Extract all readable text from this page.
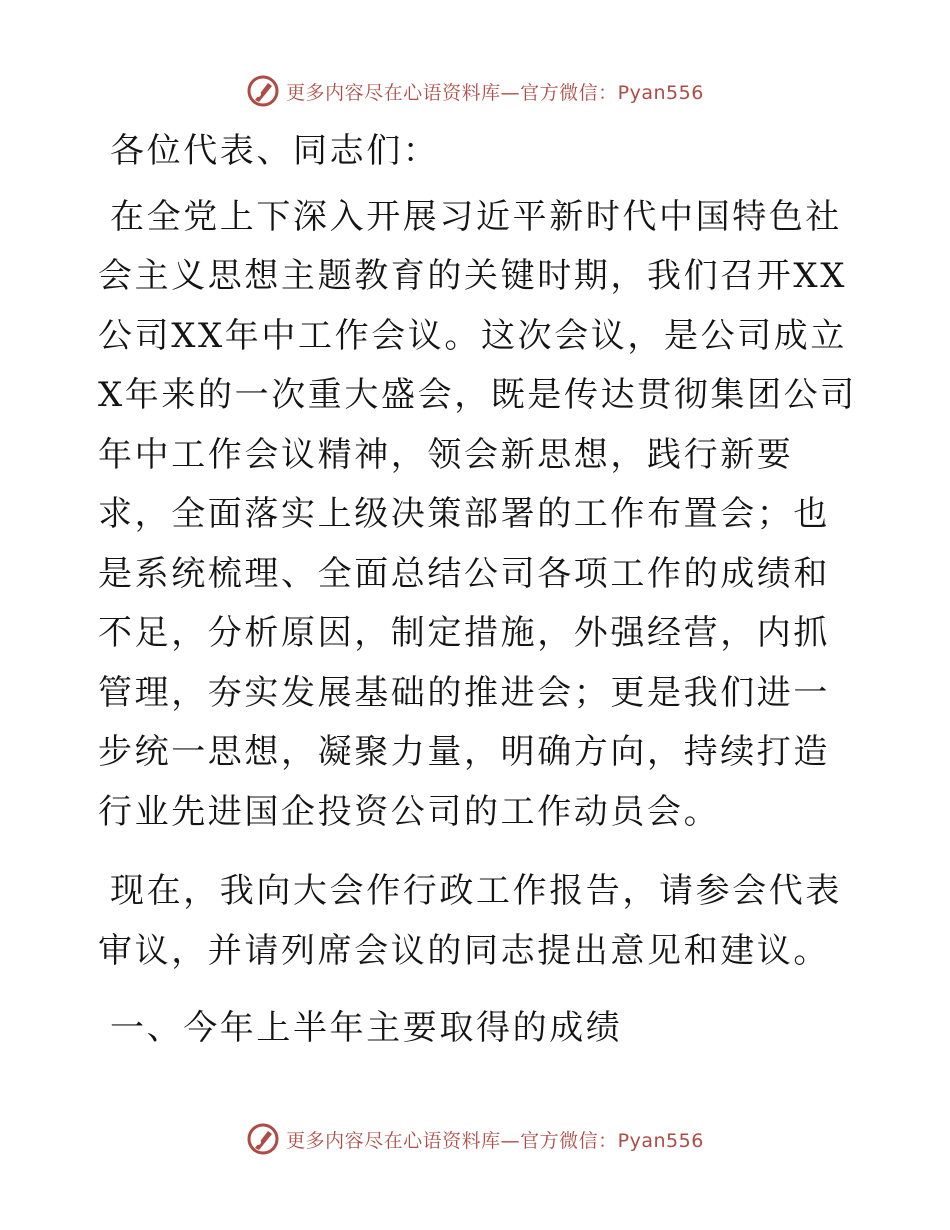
更多内容尽在心语资料库—官方微信：Pyan556

各位代表、同志们：

在全党上下深入开展习近平新时代中国特色社会主义思想主题教育的关键时期，我们召开XX公司XX年中工作会议。这次会议，是公司成立X年来的一次重大盛会，既是传达贯彻集团公司年中工作会议精神，领会新思想，践行新要求，全面落实上级决策部署的工作布置会；也是系统梳理、全面总结公司各项工作的成绩和不足，分析原因，制定措施，外强经营，内抓管理，夯实发展基础的推进会；更是我们进一步统一思想，凝聚力量，明确方向，持续打造行业先进国企投资公司的工作动员会。

现在，我向大会作行政工作报告，请参会代表审议，并请列席会议的同志提出意见和建议。

一、今年上半年主要取得的成绩

更多内容尽在心语资料库—官方微信：Pyan556
